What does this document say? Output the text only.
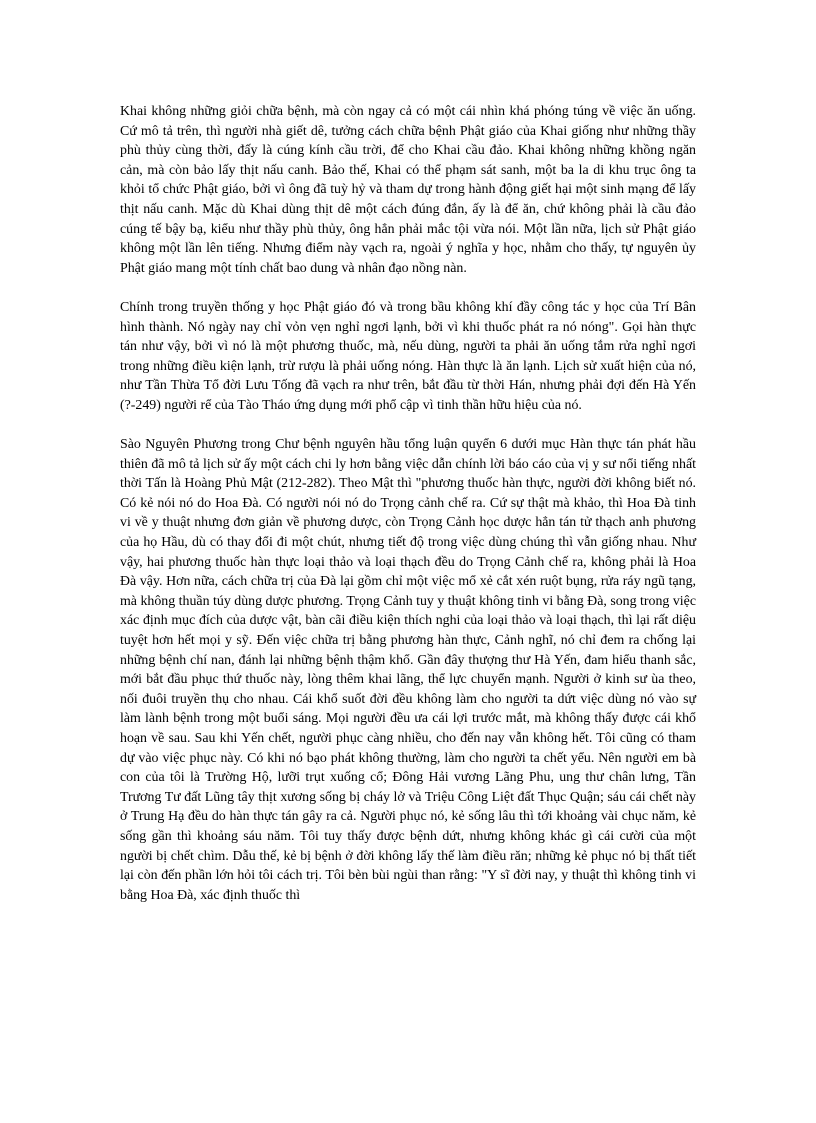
Khai không những giỏi chữa bệnh, mà còn ngay cả có một cái nhìn khá phóng túng về việc ăn uống. Cứ mô tả trên, thì người nhà giết dê, tưởng cách chữa bệnh Phật giáo của Khai giống như những thầy phù thủy cùng thời, đấy là cúng kính cầu trời, để cho Khai cầu đảo. Khai không những khồng ngăn cản, mà còn bảo lấy thịt nấu canh. Bảo thế, Khai có thể phạm sát sanh, một ba la di khu trục ông ta khỏi tổ chức Phật giáo, bởi vì ông đã tuỳ hỷ và tham dự trong hành động giết hại một sinh mạng để lấy thịt nấu canh. Mặc dù Khai dùng thịt dê một cách đúng đắn, ấy là để ăn, chứ không phải là cầu đảo cúng tế bậy bạ, kiểu như thầy phù thủy, ông hẳn phải mắc tội vừa nói. Một lần nữa, lịch sử Phật giáo không một lần lên tiếng. Nhưng điểm này vạch ra, ngoài ý nghĩa y học, nhằm cho thấy, tự nguyên ủy Phật giáo mang một tính chất bao dung và nhân đạo nồng nàn.

Chính trong truyền thống y học Phật giáo đó và trong bầu không khí đầy công tác y học của Trí Bân hình thành. Nó ngày nay chỉ vỏn vẹn nghỉ ngơi lạnh, bởi vì khi thuốc phát ra nó nóng". Gọi hàn thực tán như vậy, bởi vì nó là một phương thuốc, mà, nếu dùng, người ta phải ăn uống tắm rửa nghỉ ngơi trong những điều kiện lạnh, trừ rượu là phải uống nóng. Hàn thực là ăn lạnh. Lịch sử xuất hiện của nó, như Tần Thừa Tổ đời Lưu Tống đã vạch ra như trên, bắt đầu từ thời Hán, nhưng phải đợi đến Hà Yến (?-249) người rể của Tào Tháo ứng dụng mới phổ cập vì tinh thần hữu hiệu của nó.

Sào Nguyên Phương trong Chư bệnh nguyên hầu tổng luận quyển 6 dưới mục Hàn thực tán phát hầu thiên đã mô tả lịch sử ấy một cách chi ly hơn bằng việc dẫn chính lời báo cáo của vị y sư nổi tiếng nhất thời Tấn là Hoàng Phủ Mật (212-282). Theo Mật thì "phương thuốc hàn thực, người đời không biết nó. Có kẻ nói nó do Hoa Đà. Có người nói nó do Trọng cảnh chế ra. Cứ sự thật mà khảo, thì Hoa Đà tinh vi về y thuật nhưng đơn giản về phương dược, còn Trọng Cảnh học dược hẳn tán tử thạch anh phương của họ Hầu, dù có thay đổi đi một chút, nhưng tiết độ trong việc dùng chúng thì vẫn giống nhau. Như vậy, hai phương thuốc hàn thực loại thảo và loại thạch đều do Trọng Cảnh chế ra, không phải là Hoa Đà vậy. Hơn nữa, cách chữa trị của Đà lại gồm chỉ một việc mổ xẻ cắt xén ruột bụng, rửa ráy ngũ tạng, mà không thuần túy dùng dược phương. Trọng Cảnh tuy y thuật không tinh vi bằng Đà, song trong việc xác định mục đích của dược vật, bàn cãi điều kiện thích nghi của loại thảo và loại thạch, thì lại rất diệu tuyệt hơn hết mọi y sỹ. Đến việc chữa trị bằng phương hàn thực, Cảnh nghĩ, nó chỉ đem ra chống lại những bệnh chí nan, đánh lại những bệnh thậm khổ. Gần đây thượng thư Hà Yến, đam hiểu thanh sắc, mới bắt đầu phục thứ thuốc này, lòng thêm khai lãng, thể lực chuyển mạnh. Người ở kinh sư ùa theo, nối đuôi truyền thụ cho nhau. Cái khổ suốt đời đều không làm cho người ta dứt việc dùng nó vào sự làm lành bệnh trong một buổi sáng. Mọi người đều ưa cái lợi trước mắt, mà không thấy được cái khổ hoạn về sau. Sau khi Yến chết, người phục càng nhiều, cho đến nay vẫn không hết. Tôi cũng có tham dự vào việc phục này. Có khi nó bạo phát không thường, làm cho người ta chết yểu. Nên người em bà con của tôi là Trường Hộ, lưỡi trụt xuống cổ; Đông Hải vương Lãng Phu, ung thư chân lưng, Tần Trương Tư đất Lũng tây thịt xương sống bị cháy lở và Triệu Công Liệt đất Thục Quận; sáu cái chết này ở Trung Hạ đều do hàn thực tán gây ra cả. Người phục nó, kẻ sống lâu thì tới khoảng vài chục năm, kẻ sống gần thì khoảng sáu năm. Tôi tuy thấy được bệnh dứt, nhưng không khác gì cái cười của một người bị chết chìm. Dẫu thế, kẻ bị bệnh ở đời không lấy thế làm điều răn; những kẻ phục nó bị thất tiết lại còn đến phần lớn hỏi tôi cách trị. Tôi bèn bùi ngùi than rằng: "Y sĩ đời nay, y thuật thì không tinh vi bằng Hoa Đà, xác định thuốc thì
